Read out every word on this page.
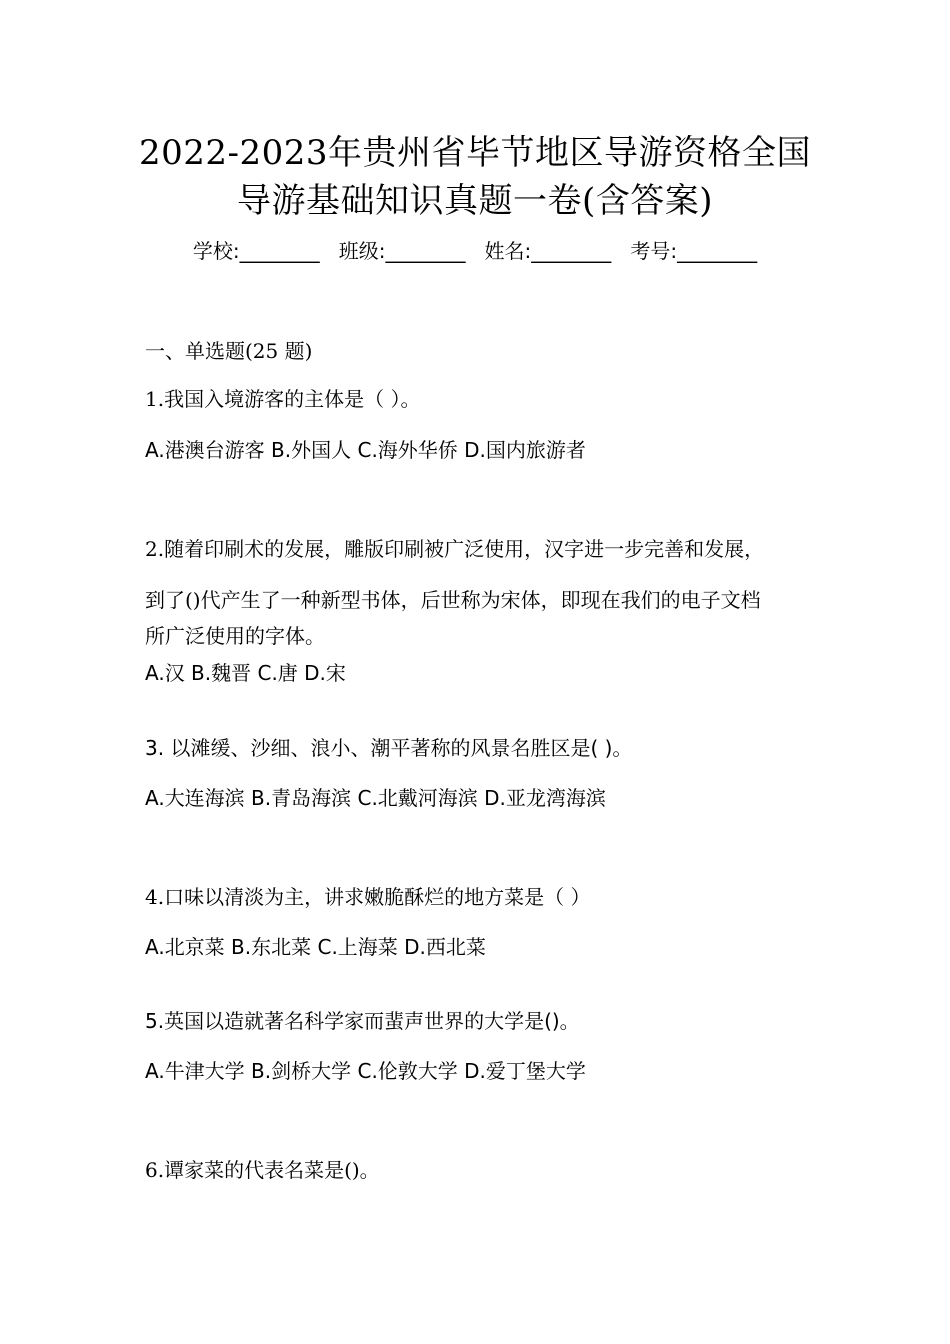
2022-2023年贵州省毕节地区导游资格全国
导游基础知识真题一卷(含答案)
学校:________ 班级:________ 姓名:________ 考号:________
一、单选题(25 题)
1.我国入境游客的主体是（ ）。
A.港澳台游客 B.外国人 C.海外华侨 D.国内旅游者
2.随着印刷术的发展，雕版印刷被广泛使用，汉字进一步完善和发展，
到了()代产生了一种新型书体，后世称为宋体，即现在我们的电子文档
所广泛使用的字体。
A.汉 B.魏晋 C.唐 D.宋
3. 以滩缓、沙细、浪小、潮平著称的风景名胜区是( )。
A.大连海滨 B.青岛海滨 C.北戴河海滨 D.亚龙湾海滨
4.口味以清淡为主，讲求嫩脆酥烂的地方菜是（ ）
A.北京菜 B.东北菜 C.上海菜 D.西北菜
5.英国以造就著名科学家而蜚声世界的大学是()。
A.牛津大学 B.剑桥大学 C.伦敦大学 D.爱丁堡大学
6.谭家菜的代表名菜是()。
